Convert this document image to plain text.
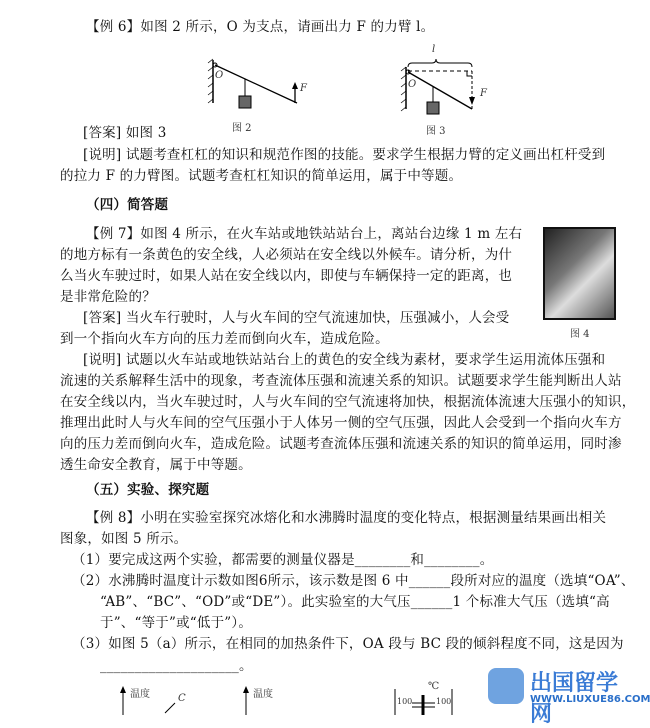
【例 6】如图 2 所示，O 为支点，请画出力 F 的力臂 l。
O
F
图 2
l
O
F
图 3
[答案] 如图 3
[说明] 试题考查杠杠的知识和规范作图的技能。要求学生根据力臂的定义画出杠杆受到
的拉力 F 的力臂图。试题考查杠杠知识的简单运用，属于中等题。
（四）简答题
【例 7】如图 4 所示，在火车站或地铁站站台上，离站台边缘 1 m 左右
的地方标有一条黄色的安全线，人必须站在安全线以外候车。请分析，为什
么当火车驶过时，如果人站在安全线以内，即使与车辆保持一定的距离，也
是非常危险的？
[答案] 当火车行驶时，人与火车间的空气流速加快，压强减小，人会受
到一个指向火车方向的压力差而倒向火车，造成危险。
[说明] 试题以火车站或地铁站站台上的黄色的安全线为素材，要求学生运用流体压强和
流速的关系解释生活中的现象，考查流体压强和流速关系的知识。试题要求学生能判断出人站
在安全线以内，当火车驶过时，人与火车间的空气流速将加快，根据流体流速大压强小的知识，
推理出此时人与火车间的空气压强小于人体另一侧的空气压强，因此人会受到一个指向火车方
向的压力差而倒向火车，造成危险。试题考查流体压强和流速关系的知识的简单运用，同时渗
透生命安全教育，属于中等题。
图 4
（五）实验、探究题
【例 8】小明在实验室探究冰熔化和水沸腾时温度的变化特点，根据测量结果画出相关
图象，如图 5 所示。
（1）要完成这两个实验，都需要的测量仪器是________和________。
（2）水沸腾时温度计示数如图6所示，该示数是图 6 中______段所对应的温度（选填“OA”、
“AB”、“BC”、“OD”或“DE”）。此实验室的大气压______1 个标准大气压（选填“高
于”、“等于”或“低于”）。
（3）如图 5（a）所示，在相同的加热条件下，OA 段与 BC 段的倾斜程度不同，这是因为
____________________。
温度	C	温度
℃
100	100
出国留学网
WWW.LIUXUE86.COM
